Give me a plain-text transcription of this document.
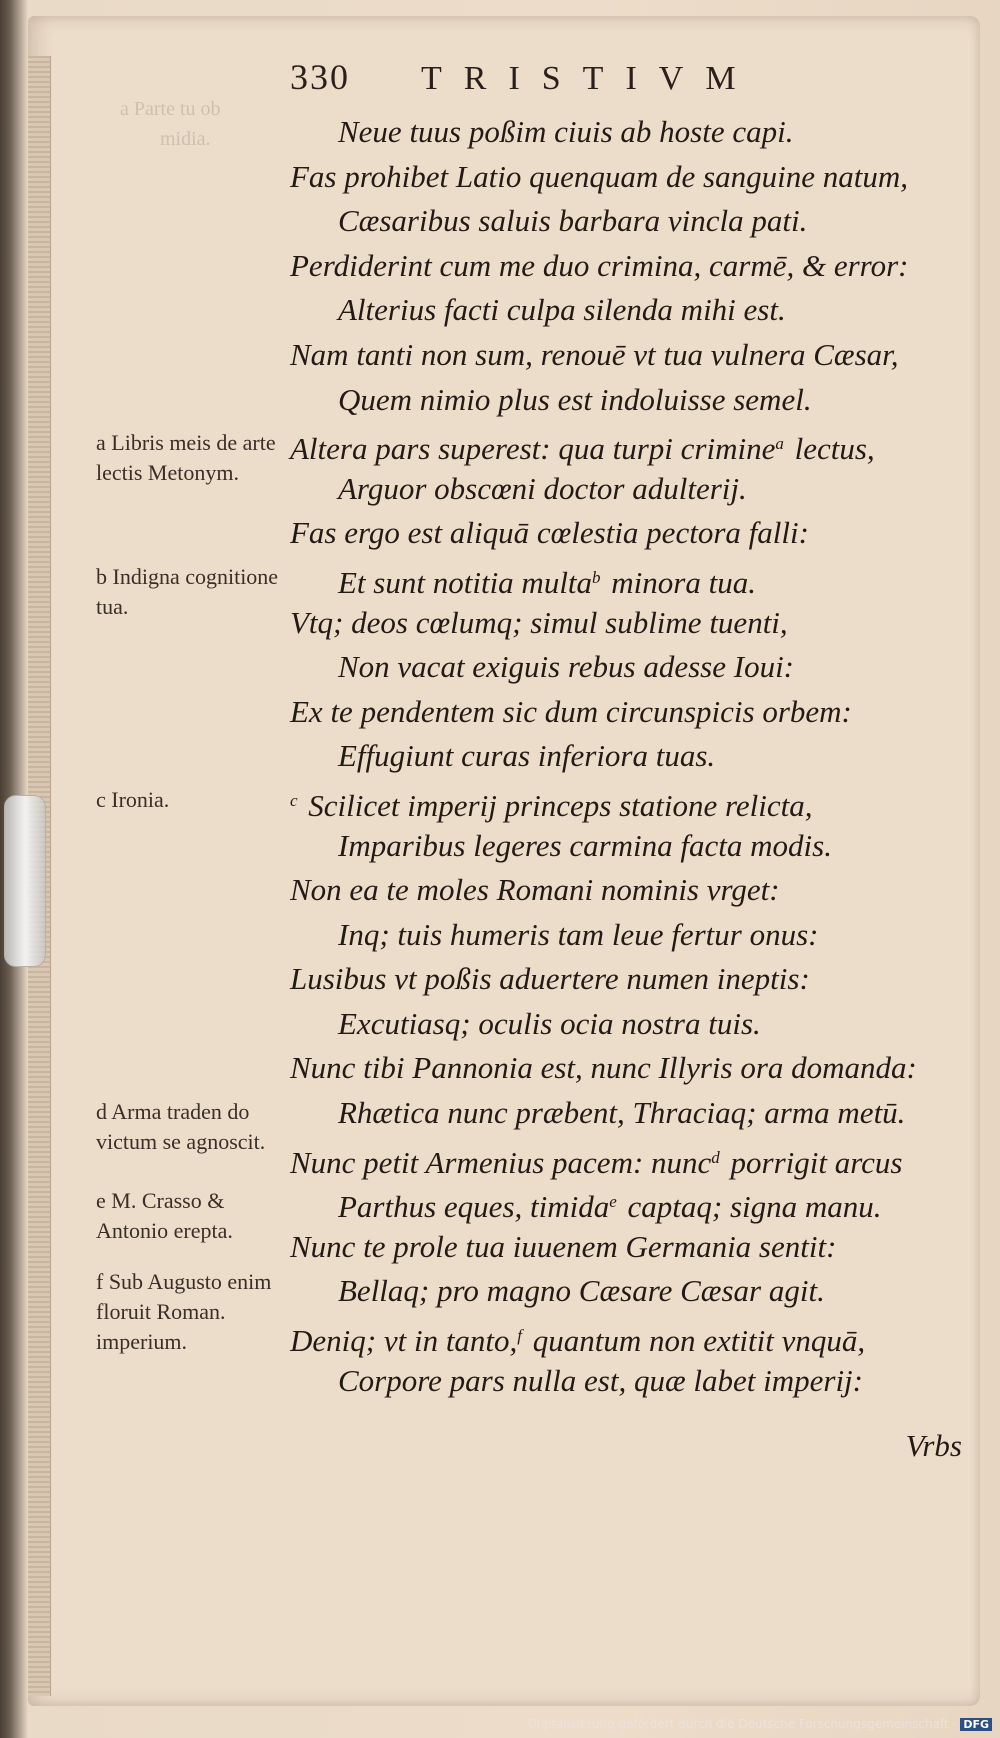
a Parte tu ob
midia.
330 TRISTIVM
Neue tuus poßim ciuis ab hoste capi.
Fas prohibet Latio quenquam de sanguine natum,
Cæsaribus saluis barbara vincla pati.
Perdiderint cum me duo crimina, carmē, & error:
Alterius facti culpa silenda mihi est.
Nam tanti non sum, renouē vt tua vulnera Cæsar,
Quem nimio plus est indoluisse semel.
Altera pars superest: qua turpi crimine$^a$ lectus,
Arguor obscœni doctor adulterij.
Fas ergo est aliquā cœlestia pectora falli:
Et sunt notitia multa$^b$ minora tua.
Vtq; deos cœlumq; simul sublime tuenti,
Non vacat exiguis rebus adesse Ioui:
Ex te pendentem sic dum circunspicis orbem:
Effugiunt curas inferiora tuas.
$^c$ Scilicet imperij princeps statione relicta,
Imparibus legeres carmina facta modis.
Non ea te moles Romani nominis vrget:
Inq; tuis humeris tam leue fertur onus:
Lusibus vt poßis aduertere numen ineptis:
Excutiasq; oculis ocia nostra tuis.
Nunc tibi Pannonia est, nunc Illyris ora domanda:
Rhætica nunc præbent, Thraciaq; arma metū.
Nunc petit Armenius pacem: nunc$^d$ porrigit arcus
Parthus eques, timida$^e$ captaq; signa manu.
Nunc te prole tua iuuenem Germania sentit:
Bellaq; pro magno Cæsare Cæsar agit.
Deniq; vt in tanto,$^f$ quantum non extitit vnquā,
Corpore pars nulla est, quæ labet imperij:
a Libris meis de arte lectis Metonym.
b Indigna cognitione tua.
c Ironia.
d Arma traden do victum se agnoscit.
e M. Crasso & Antonio erepta.
f Sub Augusto enim floruit Roman. imperium.
Vrbs
Digitalisierung gefördert durch die Deutsche Forschungsgemeinschaft · DFG
